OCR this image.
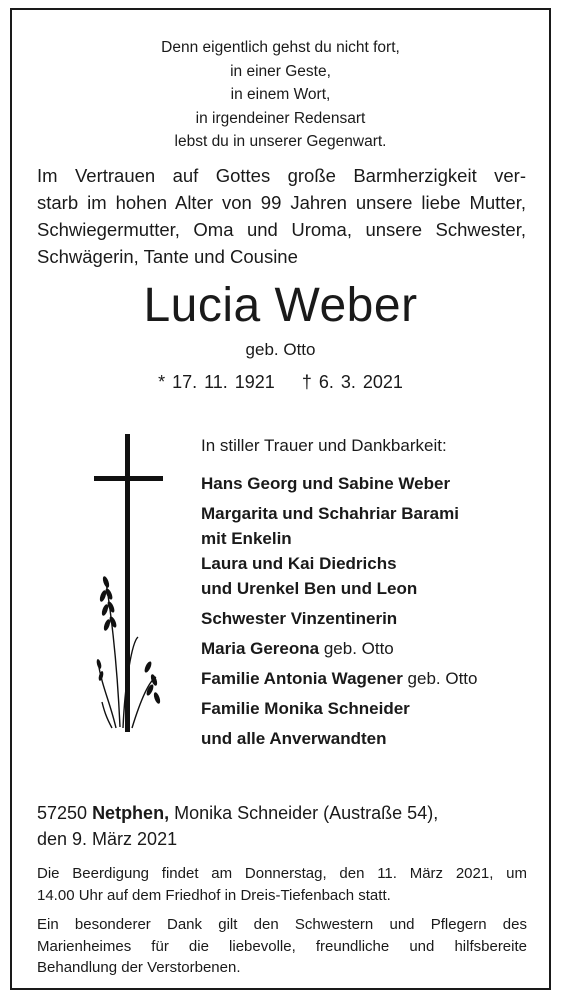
Denn eigentlich gehst du nicht fort,
in einer Geste,
in einem Wort,
in irgendeiner Redensart
lebst du in unserer Gegenwart.
Im Vertrauen auf Gottes große Barmherzigkeit ver-
starb im hohen Alter von 99 Jahren unsere liebe Mutter,
Schwiegermutter, Oma und Uroma, unsere Schwester,
Schwägerin, Tante und Cousine
Lucia Weber
geb. Otto
* 17. 11. 1921 † 6. 3. 2021
In stiller Trauer und Dankbarkeit:
Hans Georg und Sabine Weber
Margarita und Schahriar Barami
mit Enkelin
Laura und Kai Diedrichs
und Urenkel Ben und Leon
Schwester Vinzentinerin
Maria Gereona geb. Otto
Familie Antonia Wagener geb. Otto
Familie Monika Schneider
und alle Anverwandten
57250 Netphen, Monika Schneider (Austraße 54),
den 9. März 2021
Die Beerdigung findet am Donnerstag, den 11. März 2021, um
14.00 Uhr auf dem Friedhof in Dreis-Tiefenbach statt.
Ein besonderer Dank gilt den Schwestern und Pflegern des
Marienheimes für die liebevolle, freundliche und hilfsbereite
Behandlung der Verstorbenen.
